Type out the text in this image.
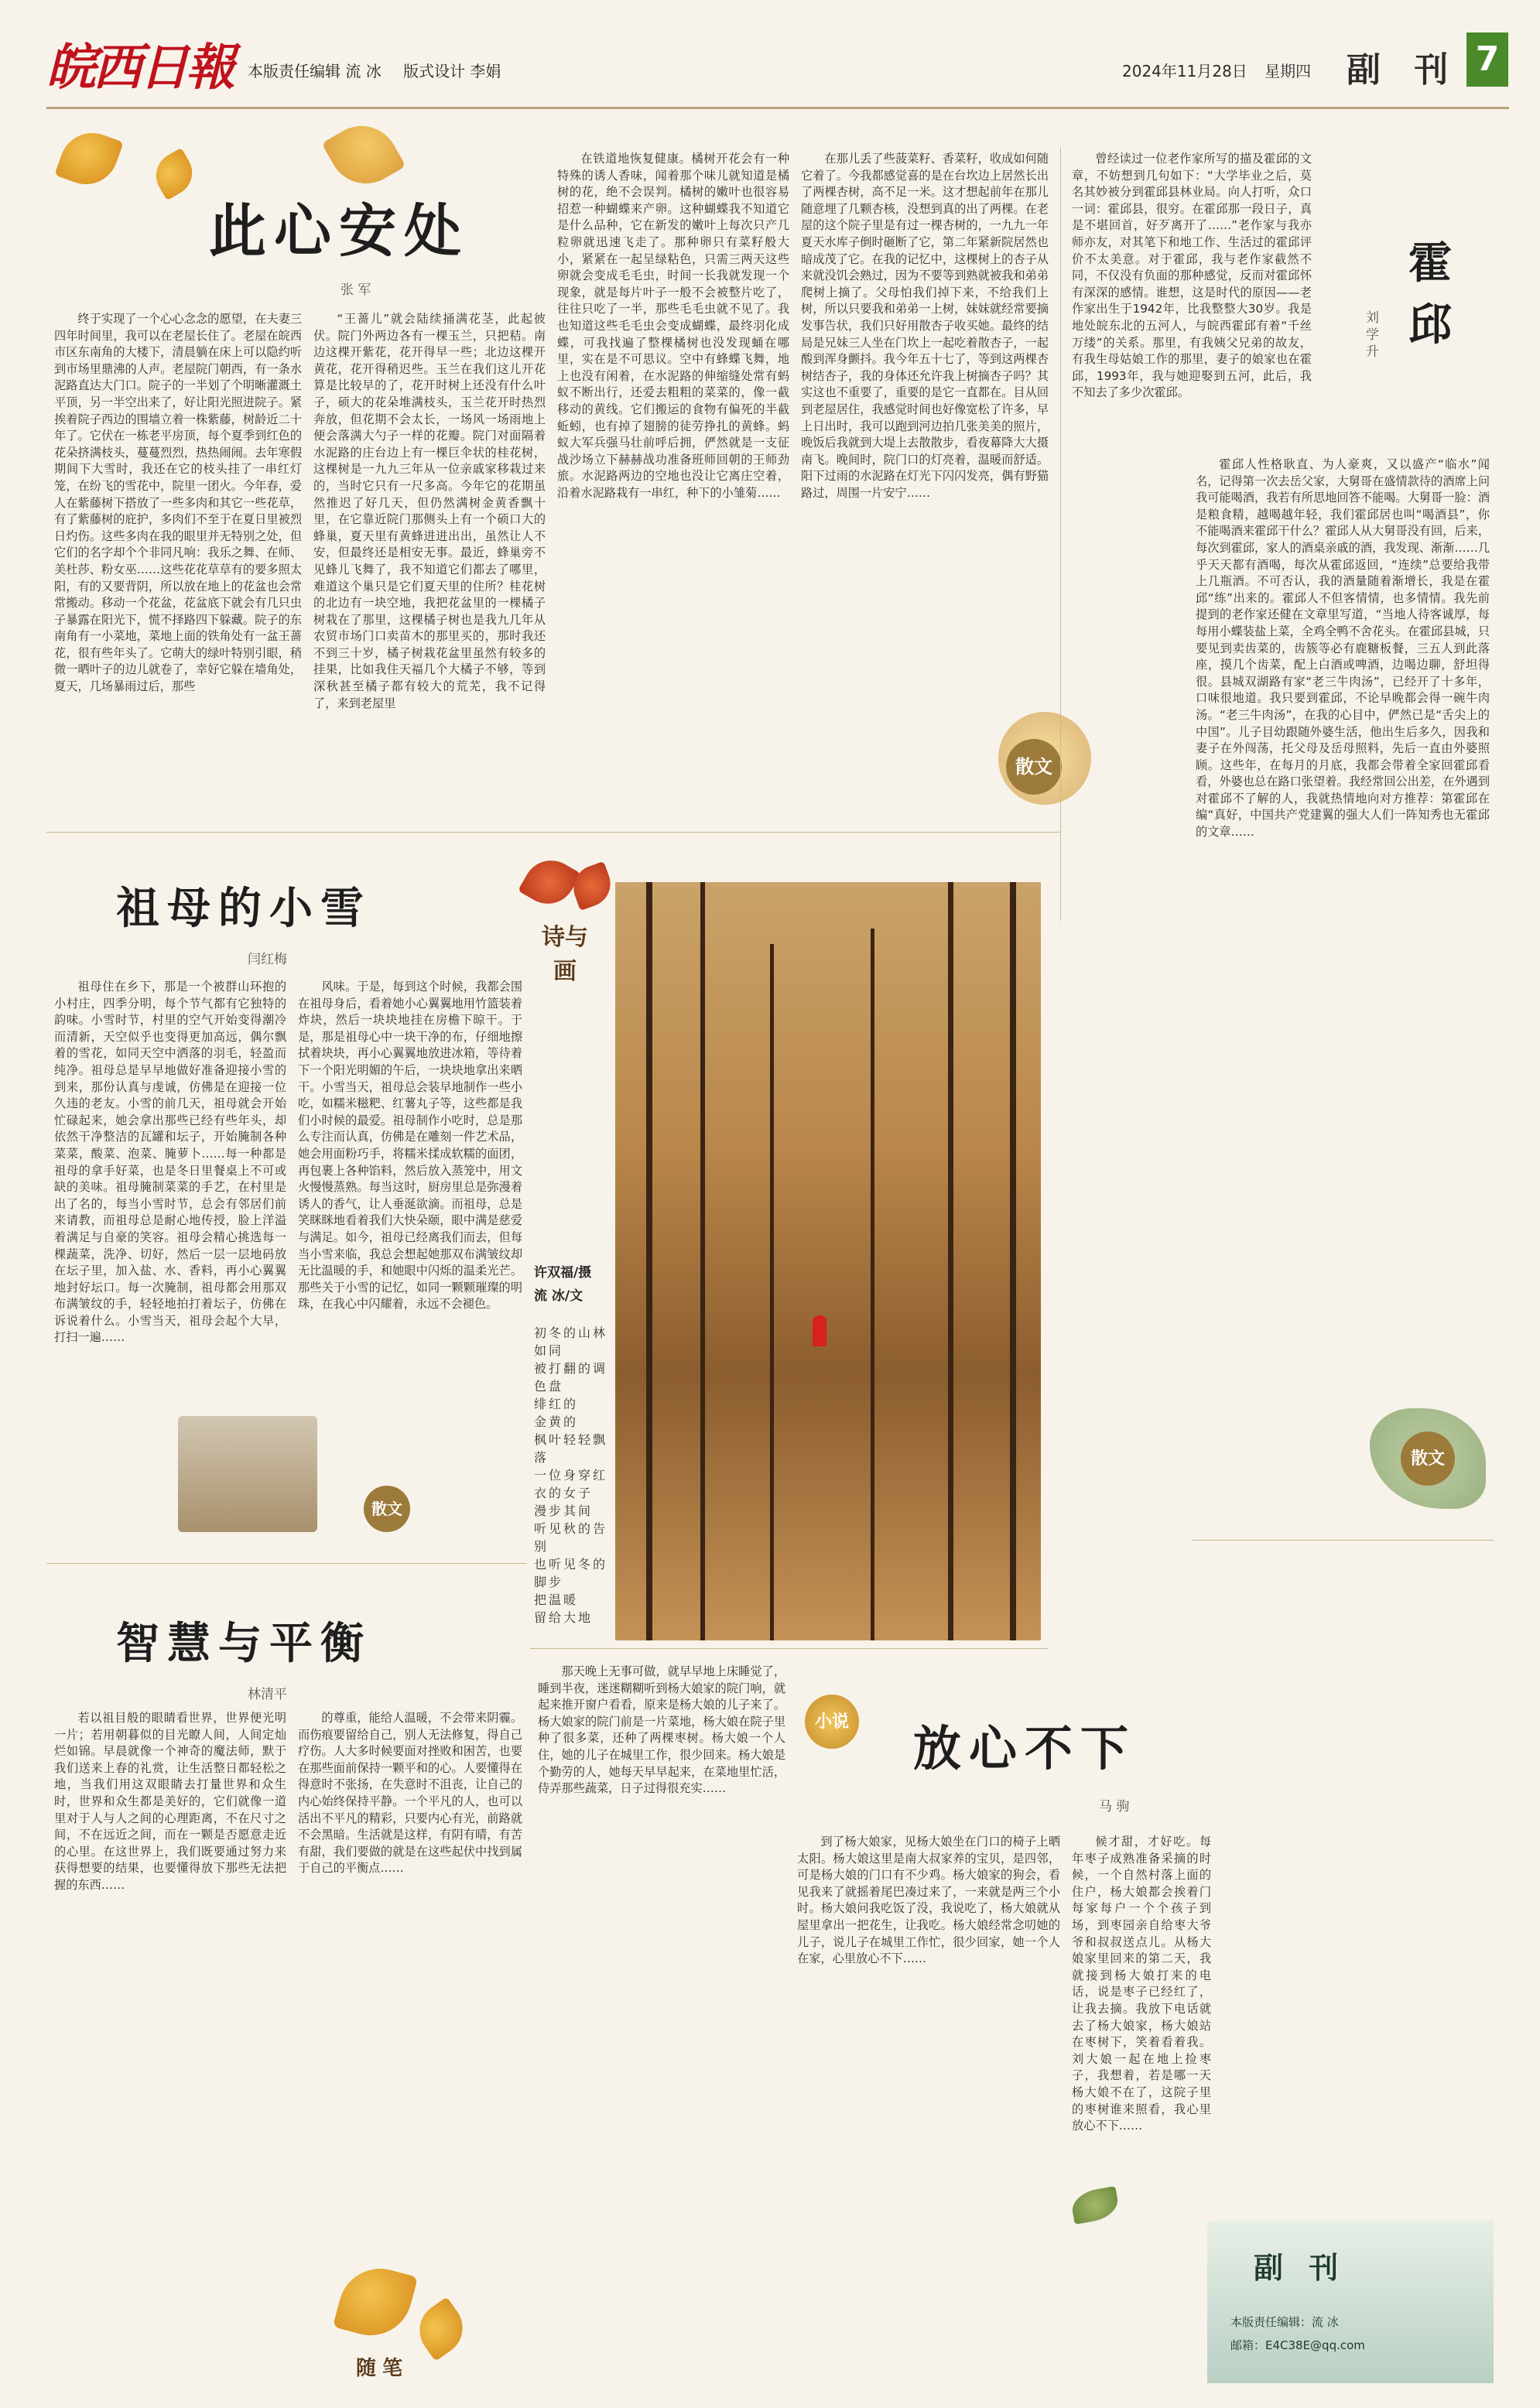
皖西日報 本版责任编辑 流 冰 版式设计 李娟	2024年11月28日 星期四	副 刊 7
此心安处
张 军

终于实现了一个心心念念的愿望，在夫妻三四年时间里，我可以在老屋长住了。老屋在皖西市区东南角的大楼下，清晨躺在床上可以隐约听到市场里鼎沸的人声。老屋院门朝西，有一条水泥路直达大门口。院子的一半划了个明晰灌溉土平顶，另一半空出来了，好让阳光照进院子。紧挨着院子西边的围墙立着一株紫藤，树龄近二十年了。它伏在一栋老平房顶，每个夏季到红色的花朵挤满枝头，蔓蔓烈烈，热热闹闹。去年寒假期间下大雪时，我还在它的枝头挂了一串红灯笼，在纷飞的雪花中，院里一团火。今年春，爱人在紫藤树下搭放了一些多肉和其它一些花草，有了紫藤树的庇护，多肉们不至于在夏日里被烈日灼伤。这些多肉在我的眼里并无特别之处，但它们的名字却个个非同凡响：我乐之舞、在师、美杜莎、粉女巫……这些花花草草有的要多照太阳，有的又要背阴，所以放在地上的花盆也会常常搬动。移动一个花盆，花盆底下就会有几只虫子暴露在阳光下，慌不择路四下躲藏。院子的东南角有一小菜地，菜地上面的铁角处有一盆王蔷花，很有些年头了。它萌大的绿叶特别引眼，稍微一晒叶子的边儿就卷了，幸好它躲在墙角处，夏天，几场暴雨过后，那些

“王蔷儿”就会陆续捅满花茎，此起彼伏。院门外两边各有一棵玉兰，只把秸。南边这棵开紫花，花开得早一些；北边这棵开黄花，花开得稍迟些。玉兰在我们这儿开花算是比较早的了，花开时树上还没有什么叶子，硕大的花朵堆满枝头，玉兰花开时热烈奔放，但花期不会太长，一场风一场雨地上便会落满大勺子一样的花瓣。院门对面隔着水泥路的庄台边上有一棵巨伞状的桂花树，这棵树是一九九三年从一位亲戚家移栽过来的，当时它只有一尺多高。今年它的花期虽然推迟了好几天，但仍然满树金黄香飘十里，在它靠近院门那侧头上有一个硕口大的蜂巢，夏天里有黄蜂进进出出，虽然让人不安，但最终还是相安无事。最近，蜂巢旁不见蜂儿飞舞了，我不知道它们都去了哪里，难道这个巢只是它们夏天里的住所？桂花树的北边有一块空地，我把花盆里的一棵橘子树栽在了那里，这棵橘子树也是我九几年从农贸市场门口卖苗木的那里买的，那时我还不到三十岁，橘子树栽花盆里虽然有较多的挂果，比如我住天福几个大橘子不够，等到深秋甚至橘子都有较大的荒芜，我不记得了，来到老屋里

在铁道地恢复健康。橘树开花会有一种特殊的诱人香味，闻着那个味儿就知道是橘树的花，绝不会误判。橘树的嫩叶也很容易招惹一种蝴蝶来产卵。这种蝴蝶我不知道它是什么品种，它在新发的嫩叶上每次只产几粒卵就迅速飞走了。那种卵只有菜籽般大小，紧紧在一起呈绿粘色，只需三两天这些卵就会变成毛毛虫，时间一长我就发现一个现象，就是每片叶子一般不会被整片吃了，往往只吃了一半，那些毛毛虫就不见了。我也知道这些毛毛虫会变成蝴蝶，最终羽化成蝶，可我找遍了整棵橘树也没发现蛹在哪里，实在是不可思议。空中有蜂蝶飞舞，地上也没有闲着，在水泥路的伸缩缝处常有蚂蚁不断出行，还爱去粗粗的菜菜的，像一截移动的黄线。它们搬运的食物有偏死的半截蚯蚓，也有掉了翅膀的徒劳挣扎的黄蜂。蚂蚁大军兵强马壮前呼后拥，俨然就是一支征战沙场立下赫赫战功准备班师回朝的王师劲旅。水泥路两边的空地也没让它离庄空着，沿着水泥路栽有一串红，种下的小雏菊……

在那儿丢了些菠菜籽、香菜籽，收成如何随它着了。今我都感觉喜的是在台坎边上居然长出了两棵杏树，高不足一米。这才想起前年在那儿随意埋了几颗杏核，没想到真的出了两棵。在老屋的这个院子里是有过一棵杏树的，一九九一年夏天水库子倒时砸断了它，第二年紧新院居然也暗成茂了它。在我的记忆中，这棵树上的杏子从来就没饥会熟过，因为不要等到熟就被我和弟弟爬树上摘了。父母怕我们掉下来，不给我们上树，所以只要我和弟弟一上树，妹妹就经常要摘发事告状，我们只好用散杏子收买她。最终的结局是兄妹三人坐在门坎上一起吃着散杏子，一起酸到浑身颤抖。我今年五十七了，等到这两棵杏树结杏子，我的身体还允许我上树摘杏子吗？其实这也不重要了，重要的是它一直都在。目从回到老屋居住，我感觉时间也好像宽松了许多，早上日出时，我可以跑到河边拍几张美美的照片，晚饭后我就到大堤上去散散步，看夜幕降大大摄南飞。晚间时，院门口的灯亮着，温暖而舒适。阳下过雨的水泥路在灯光下闪闪发亮，偶有野猫路过，周围一片安宁……

散文

曾经读过一位老作家所写的描及霍邱的文章，不妨想到几句如下：“大学毕业之后，莫名其妙被分到霍邱县林业局。向人打听，众口一词：霍邱县，很穷。在霍邱那一段日子，真是不堪回首，好歹离开了……”老作家与我亦师亦友，对其笔下和地工作、生活过的霍邱评价不太美意。对于霍邱，我与老作家截然不同，不仅没有负面的那种感觉，反而对霍邱怀有深深的感情。谁想，这是时代的原因——老作家出生于1942年，比我整整大30岁。我是地处皖东北的五河人，与皖西霍邱有着“千丝万缕”的关系。那里，有我姨父兄弟的故友，有我生母姑娘工作的那里，妻子的娘家也在霍邱，1993年，我与她迎娶到五河，此后，我不知去了多少次霍邱。

霍 邱
刘学升

霍邱人性格耿直、为人豪爽，又以盛产“临水”闻名，记得第一次去岳父家，大舅哥在盛情款待的酒席上问我可能喝酒，我若有所思地回答不能喝。大舅哥一脸：酒是粮食精，越喝越年轻，我们霍邱居也叫“喝酒县”，你不能喝酒来霍邱干什么？霍邱人从大舅哥没有回，后来，每次到霍邱，家人的酒桌亲戚的酒，我发现、渐渐……几乎天天都有酒喝，每次从霍邱返回，“连续”总要给我带上几瓶酒。不可否认，我的酒量随着渐增长，我是在霍邱“练”出来的。霍邱人不但客情情，也多情情。我先前提到的老作家还健在文章里写道，“当地人待客诚厚，每每用小蝶装盐上菜，全鸡全鸭不舍花头。在霍邱县城，只要见到卖齿菜的，齿簇等必有鹿糖板餐，三五人到此落座，摸几个齿菜，配上白酒或啤酒，边喝边聊，舒坦得很。县城双湖路有家“老三牛肉汤”，已经开了十多年，口味很地道。我只要到霍邱，不论早晚都会得一碗牛肉汤。“老三牛肉汤”，在我的心目中，俨然已是“舌尖上的中国”。儿子目幼跟随外婆生活，他出生后多久，因我和妻子在外闯荡，托父母及岳母照料，先后一直由外婆照顾。这些年，在每月的月底，我都会带着全家回霍邱看看，外婆也总在路口张望着。我经常回公出差，在外遇到对霍邱不了解的人，我就热情地向对方推荐：第霍邱在编“真好，中国共产党建翼的强大人们一阵知秀也无霍邱的文章……

散文
祖母的小雪
闫红梅

祖母住在乡下，那是一个被群山环抱的小村庄，四季分明，每个节气都有它独特的韵味。小雪时节，村里的空气开始变得潮冷而清新，天空似乎也变得更加高远，偶尔飘着的雪花，如同天空中洒落的羽毛，轻盈而纯净。祖母总是早早地做好准备迎接小雪的到来，那份认真与虔诚，仿佛是在迎接一位久违的老友。小雪的前几天，祖母就会开始忙碌起来，她会拿出那些已经有些年头，却依然干净整洁的瓦罐和坛子，开始腌制各种菜菜，酸菜、泡菜、腌萝卜……每一种都是祖母的拿手好菜，也是冬日里餐桌上不可或缺的美味。祖母腌制菜菜的手艺，在村里是出了名的，每当小雪时节，总会有邻居们前来请教，而祖母总是耐心地传授，脸上洋溢着满足与自豪的笑容。祖母会精心挑选每一棵蔬菜，洗净、切好，然后一层一层地码放在坛子里，加入盐、水、香料，再小心翼翼地封好坛口。每一次腌制，祖母都会用那双布满皱纹的手，轻轻地拍打着坛子，仿佛在诉说着什么。小雪当天，祖母会起个大早，打扫一遍……

风味。于是，每到这个时候，我都会围在祖母身后，看着她小心翼翼地用竹篮装着炸块，然后一块块地挂在房檐下晾干。于是，那是祖母心中一块干净的布，仔细地擦拭着块块，再小心翼翼地放进冰箱，等待着下一个阳光明媚的午后，一块块地拿出来晒干。小雪当天，祖母总会装早地制作一些小吃，如糯米糍粑、红薯丸子等，这些都是我们小时候的最爱。祖母制作小吃时，总是那么专注而认真，仿佛是在雕刻一件艺术品，她会用面粉巧手，将糯米揉成软糯的面团，再包裹上各种馅料，然后放入蒸笼中，用文火慢慢蒸熟。每当这时，厨房里总是弥漫着诱人的香气，让人垂涎欲滴。而祖母，总是笑眯眯地看着我们大快朵颐，眼中满是慈爱与满足。如今，祖母已经离我们而去，但每当小雪来临，我总会想起她那双布满皱纹却无比温暖的手，和她眼中闪烁的温柔光芒。那些关于小雪的记忆，如同一颗颗璀璨的明珠，在我心中闪耀着，永远不会褪色。

散文
诗与画
许双福/摄
流 冰/文
初冬的山林
如同
被打翻的调色盘
绯红的
金黄的
枫叶轻轻飘落
一位身穿红衣的女子
漫步其间
听见秋的告别
也听见冬的脚步
把温暖
留给大地
智慧与平衡
林清平

若以祖目般的眼睛看世界，世界便光明一片；若用朝暮似的目光瞭人间，人间定灿烂如锦。早晨就像一个神奇的魔法师，默于我们送来上春的礼赏，让生活整日都轻松之地，当我们用这双眼睛去打量世界和众生时，世界和众生都是美好的，它们就像一道里对于人与人之间的心理距离，不在尺寸之间，不在远近之间，而在一颗是否愿意走近的心里。在这世界上，我们既要通过努力来获得想要的结果，也要懂得放下那些无法把握的东西……

的尊重，能给人温暖，不会带来阴霾。而伤痕要留给自己，别人无法修复，得自己疗伤。人大多时候要面对挫败和困苦，也要在那些面前保持一颗平和的心。人要懂得在得意时不张扬，在失意时不沮丧，让自己的内心始终保持平静。一个平凡的人，也可以活出不平凡的精彩，只要内心有光，前路就不会黑暗。生活就是这样，有阴有晴，有苦有甜，我们要做的就是在这些起伏中找到属于自己的平衡点……

随笔
小说 放心不下
马 驹

那天晚上无事可做，就早早地上床睡觉了，睡到半夜，迷迷糊糊听到杨大娘家的院门响，就起来推开窗户看看，原来是杨大娘的儿子来了。杨大娘家的院门前是一片菜地，杨大娘在院子里种了很多菜，还种了两棵枣树。杨大娘一个人住，她的儿子在城里工作，很少回来。杨大娘是个勤劳的人，她每天早早起来，在菜地里忙活，侍弄那些蔬菜，日子过得很充实……

到了杨大娘家，见杨大娘坐在门口的椅子上晒太阳。杨大娘这里是南大叔家养的宝贝，是四邻，可是杨大娘的门口有不少鸡。杨大娘家的狗会，看见我来了就摇着尾巴凑过来了，一来就是两三个小时。杨大娘问我吃饭了没，我说吃了，杨大娘就从屋里拿出一把花生，让我吃。杨大娘经常念叨她的儿子，说儿子在城里工作忙，很少回家，她一个人在家，心里放心不下……

候才甜，才好吃。每年枣子成熟准备采摘的时候，一个自然村落上面的住户，杨大娘都会挨着门每家每户一个个孩子到场，到枣园亲自给枣大爷爷和叔叔送点儿。从杨大娘家里回来的第二天，我就接到杨大娘打来的电话，说是枣子已经红了，让我去摘。我放下电话就去了杨大娘家，杨大娘站在枣树下，笑着看着我。刘大娘一起在地上捡枣子，我想着，若是哪一天杨大娘不在了，这院子里的枣树谁来照看，我心里放心不下……

副 刊
本版责任编辑：流 冰
邮箱：E4C38E@qq.com
